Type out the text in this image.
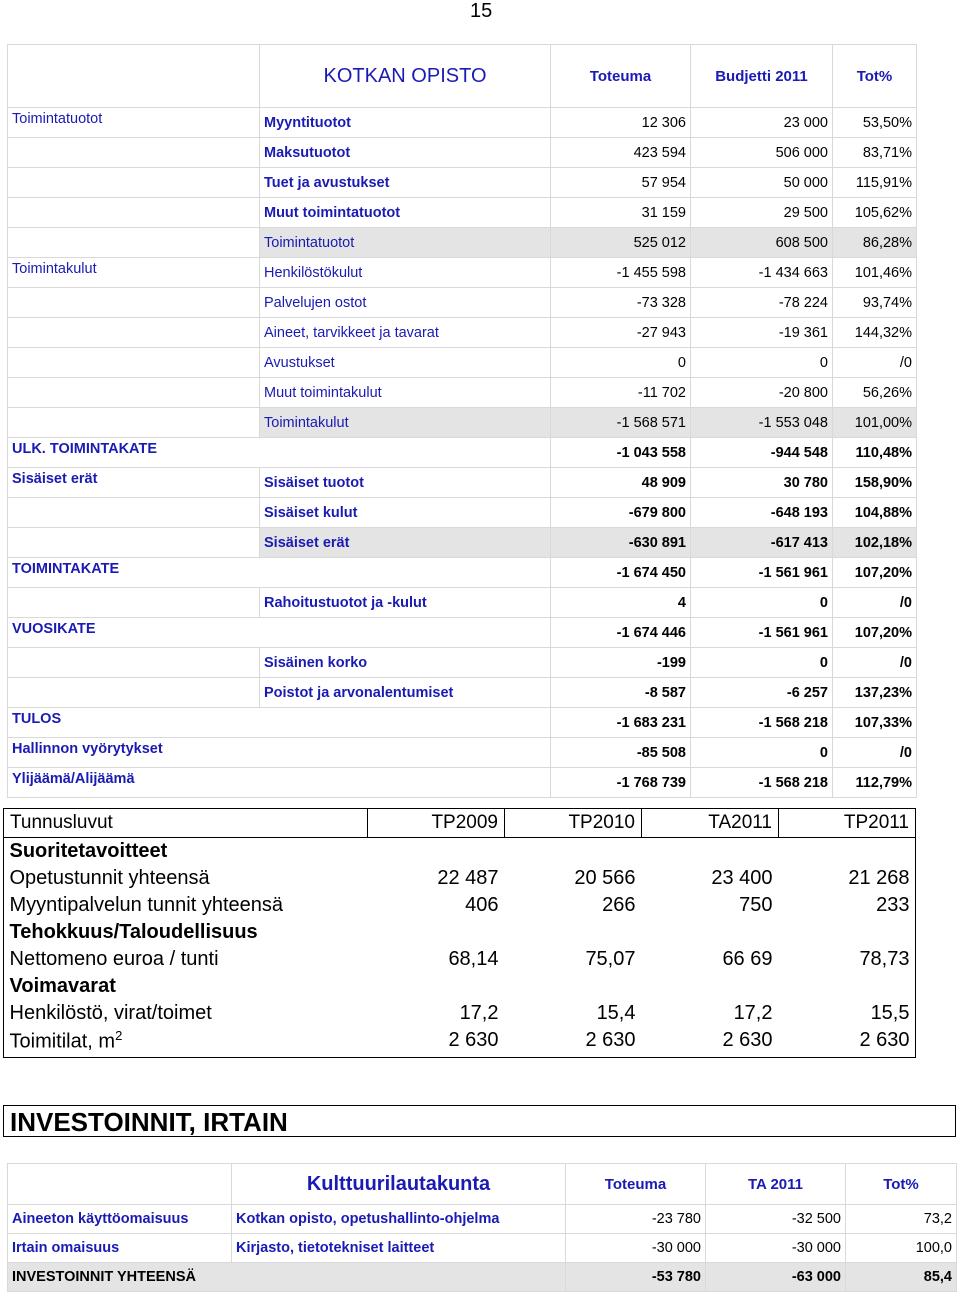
15
	KOTKAN OPISTO	Toteuma	Budjetti 2011	Tot%
Toimintatuotot	Myyntituotot	12 306	23 000	53,50%
	Maksutuotot	423 594	506 000	83,71%
	Tuet ja avustukset	57 954	50 000	115,91%
	Muut toimintatuotot	31 159	29 500	105,62%
	Toimintatuotot	525 012	608 500	86,28%
Toimintakulut	Henkilöstökulut	-1 455 598	-1 434 663	101,46%
	Palvelujen ostot	-73 328	-78 224	93,74%
	Aineet, tarvikkeet ja tavarat	-27 943	-19 361	144,32%
	Avustukset	0	0	/0
	Muut toimintakulut	-11 702	-20 800	56,26%
	Toimintakulut	-1 568 571	-1 553 048	101,00%
ULK. TOIMINTAKATE		-1 043 558	-944 548	110,48%
Sisäiset erät	Sisäiset tuotot	48 909	30 780	158,90%
	Sisäiset kulut	-679 800	-648 193	104,88%
	Sisäiset erät	-630 891	-617 413	102,18%
TOIMINTAKATE		-1 674 450	-1 561 961	107,20%
	Rahoitustuotot ja -kulut	4	0	/0
VUOSIKATE		-1 674 446	-1 561 961	107,20%
	Sisäinen korko	-199	0	/0
	Poistot ja arvonalentumiset	-8 587	-6 257	137,23%
TULOS		-1 683 231	-1 568 218	107,33%
Hallinnon vyörytykset		-85 508	0	/0
Ylijäämä/Alijäämä		-1 768 739	-1 568 218	112,79%
Tunnusluvut	TP2009	TP2010	TA2011	TP2011
Suoritetavoitteet				
Opetustunnit yhteensä	22 487	20 566	23 400	21 268
Myyntipalvelun tunnit yhteensä	406	266	750	233
Tehokkuus/Taloudellisuus				
Nettomeno euroa / tunti	68,14	75,07	66 69	78,73
Voimavarat				
Henkilöstö, virat/toimet	17,2	15,4	17,2	15,5
Toimitilat, $m^2$	2 630	2 630	2 630	2 630
INVESTOINNIT, IRTAIN
	Kulttuurilautakunta	Toteuma	TA 2011	Tot%
Aineeton käyttöomaisuus	Kotkan opisto, opetushallinto-ohjelma	-23 780	-32 500	73,2
Irtain omaisuus	Kirjasto, tietotekniset laitteet	-30 000	-30 000	100,0
INVESTOINNIT YHTEENSÄ		-53 780	-63 000	85,4
